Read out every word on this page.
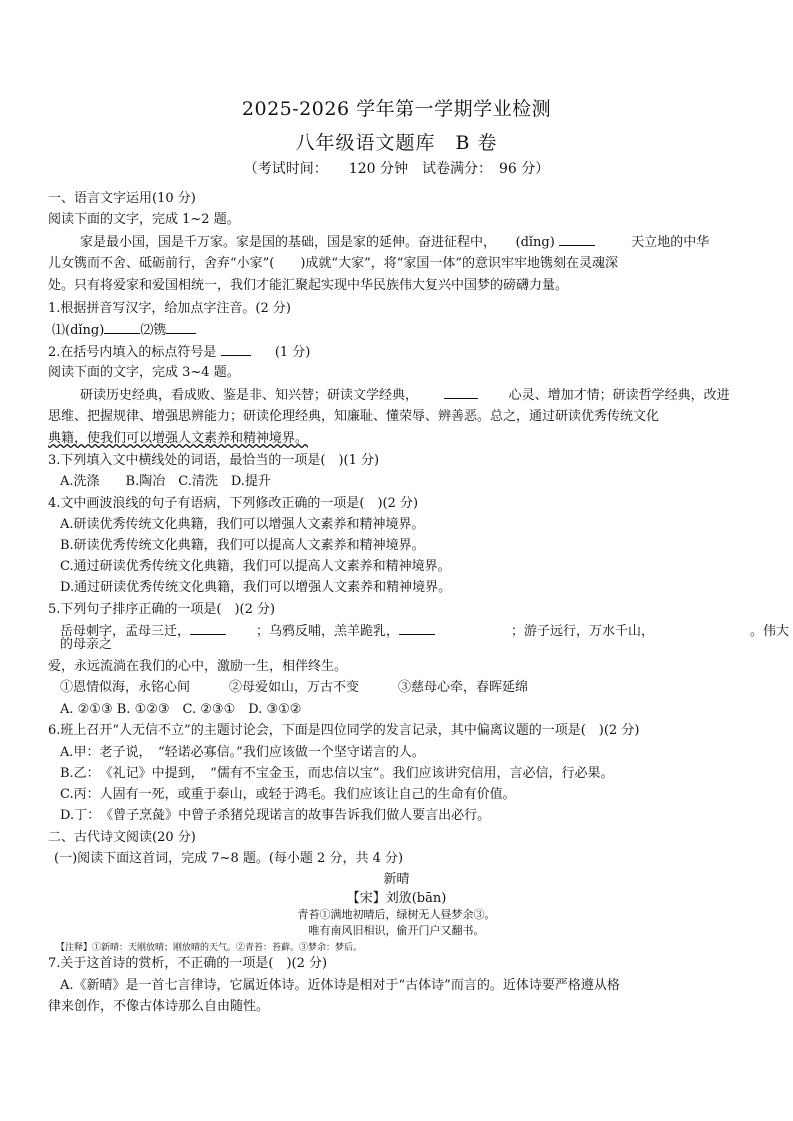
2025-2026 学年第一学期学业检测
八年级语文题库　B 卷
（考试时间：　　120 分钟　试卷满分：　96 分）
一、语言文字运用(10 分)
阅读下面的文字，完成 1~2 题。
家是最小国，国是千万家。家是国的基础，国是家的延伸。奋进征程中，　　(dǐng)	天立地的中华
儿女镌而不舍、砥砺前行，舍弃“小家”(　　)成就“大家”，将“家国一体”的意识牢牢地镌刻在灵魂深
处。只有将爱家和爱国相统一，我们才能汇聚起实现中华民族伟大复兴中国梦的磅礴力量。
1.根据拼音写汉字，给加点字注音。(2 分)
⑴(dǐng)	⑵镌
2.在括号内填入的标点符号是	(1 分)
阅读下面的文字，完成 3~4 题。
研读历史经典，看成败、鉴是非、知兴替；研读文学经典，	心灵、增加才情；研读哲学经典，改进
思维、把握规律、增强思辨能力；研读伦理经典，知廉耻、懂荣辱、辨善恶。总之，通过研读优秀传统文化
典籍，使我们可以增强人文素养和精神境界。
3.下列填入文中横线处的词语，最恰当的一项是(　)(1 分)
A.洗涤　　B.陶冶　C.清洗　D.提升
4.文中画波浪线的句子有语病，下列修改正确的一项是(　)(2 分)
A.研读优秀传统文化典籍，我们可以增强人文素养和精神境界。
B.研读优秀传统文化典籍，我们可以提高人文素养和精神境界。
C.通过研读优秀传统文化典籍，我们可以提高人文素养和精神境界。
D.通过研读优秀传统文化典籍，我们可以增强人文素养和精神境界。
5.下列句子排序正确的一项是(　)(2 分)
岳母刺字，孟母三迁，	；乌鸦反哺，羔羊跪乳，	；游子远行，万水千山，	。伟大
的母亲之
爱，永远流淌在我们的心中，激励一生，相伴终生。
①恩情似海，永铭心间　　　②母爱如山，万古不变　　　③慈母心牵，春晖延绵
A. ②①③ B. ①②③　C. ②③①　D. ③①②
6.班上召开“人无信不立”的主题讨论会，下面是四位同学的发言记录，其中偏离议题的一项是(　)(2 分)
A.甲：老子说，　“轻诺必寡信。”我们应该做一个坚守诺言的人。
B.乙：　《礼记》中提到，　“儒有不宝金玉，而忠信以宝”。我们应该讲究信用，言必信，行必果。
C.丙：人固有一死，或重于泰山，或轻于鸿毛。我们应该让自己的生命有价值。
D.丁：　《曾子烹彘》中曾子杀猪兑现诺言的故事告诉我们做人要言出必行。
二、古代诗文阅读(20 分)
(一)阅读下面这首词，完成 7~8 题。(每小题 2 分，共 4 分)
新晴
【宋】刘攽(bān)
青苔①满地初晴后，绿树无人昼梦余③。
唯有南风旧相识，偷开门户又翻书。
【注释】①新晴：天刚放晴；刚放晴的天气。②青苔：苔藓。③梦余：梦后。
7.关于这首诗的赏析，不正确的一项是(　)(2 分)
A.《新晴》是一首七言律诗，它属近体诗。近体诗是相对于“古体诗”而言的。近体诗要严格遵从格
律来创作，不像古体诗那么自由随性。
